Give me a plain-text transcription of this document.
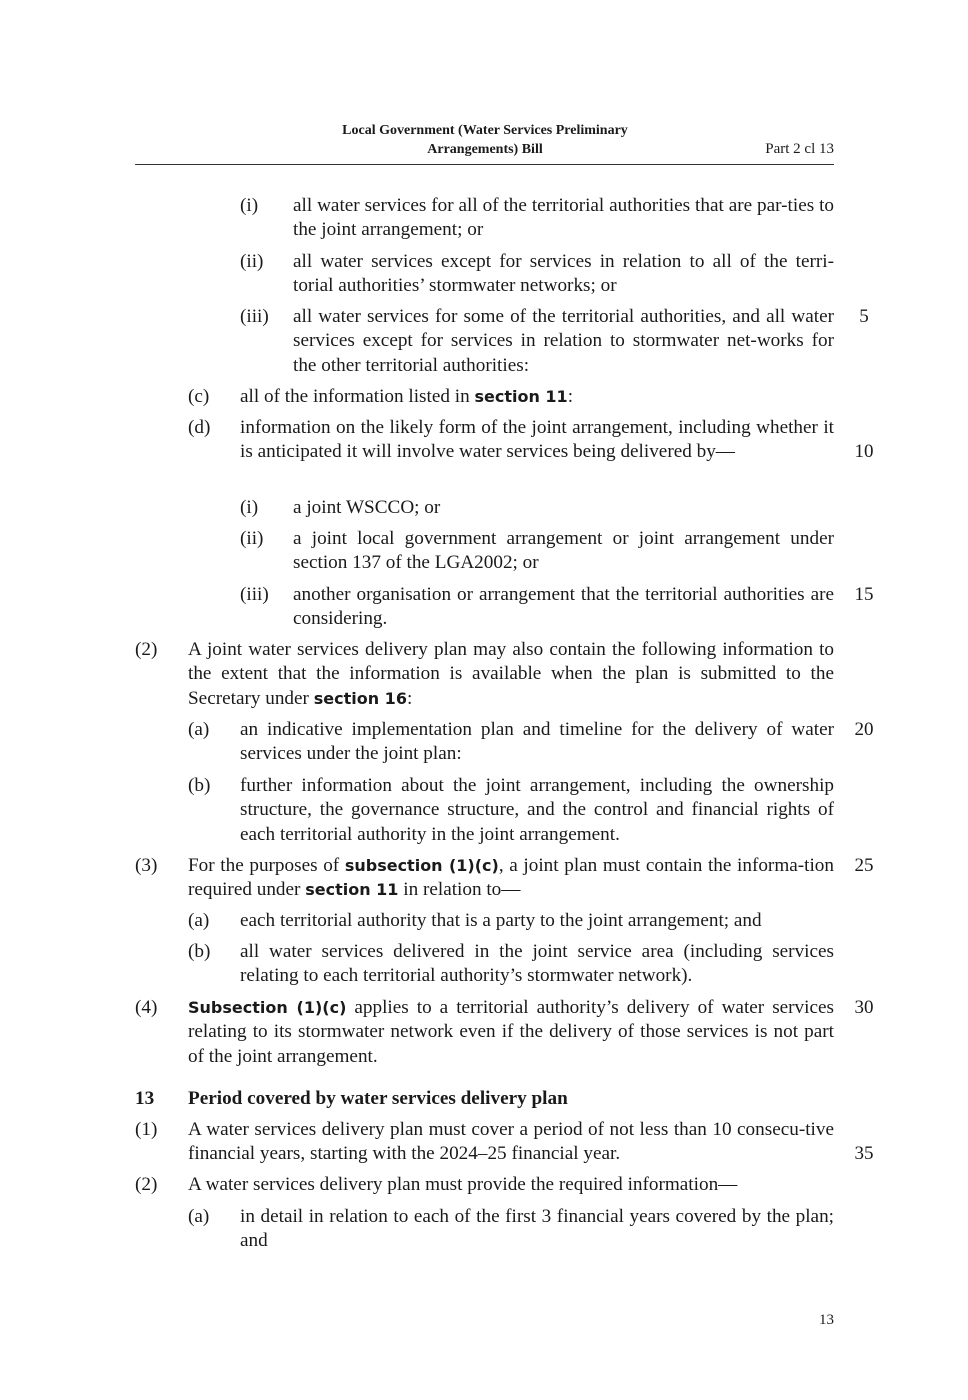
Local Government (Water Services Preliminary
Arrangements) Bill	Part 2 cl 13
(i) all water services for all of the territorial authorities that are par-ties to the joint arrangement; or
(ii) all water services except for services in relation to all of the terri-torial authorities’ stormwater networks; or
(iii) all water services for some of the territorial authorities, and all water services except for services in relation to stormwater net-works for the other territorial authorities:
5
(c) all of the information listed in section 11:
(d) information on the likely form of the joint arrangement, including whether it is anticipated it will involve water services being delivered by—	10
(i) a joint WSCCO; or
(ii) a joint local government arrangement or joint arrangement under section 137 of the LGA2002; or
(iii) another organisation or arrangement that the territorial authorities are considering.
15
(2) A joint water services delivery plan may also contain the following information to the extent that the information is available when the plan is submitted to the Secretary under section 16:
(a) an indicative implementation plan and timeline for the delivery of water services under the joint plan:
20
(b) further information about the joint arrangement, including the ownership structure, the governance structure, and the control and financial rights of each territorial authority in the joint arrangement.
(3) For the purposes of subsection (1)(c), a joint plan must contain the informa-tion required under section 11 in relation to—
25
(a) each territorial authority that is a party to the joint arrangement; and
(b) all water services delivered in the joint service area (including services relating to each territorial authority’s stormwater network).
(4) Subsection (1)(c) applies to a territorial authority’s delivery of water services relating to its stormwater network even if the delivery of those services is not part of the joint arrangement.
30
13 Period covered by water services delivery plan
(1) A water services delivery plan must cover a period of not less than 10 consecu-tive financial years, starting with the 2024–25 financial year.	35
(2) A water services delivery plan must provide the required information—
(a) in detail in relation to each of the first 3 financial years covered by the plan; and
13
